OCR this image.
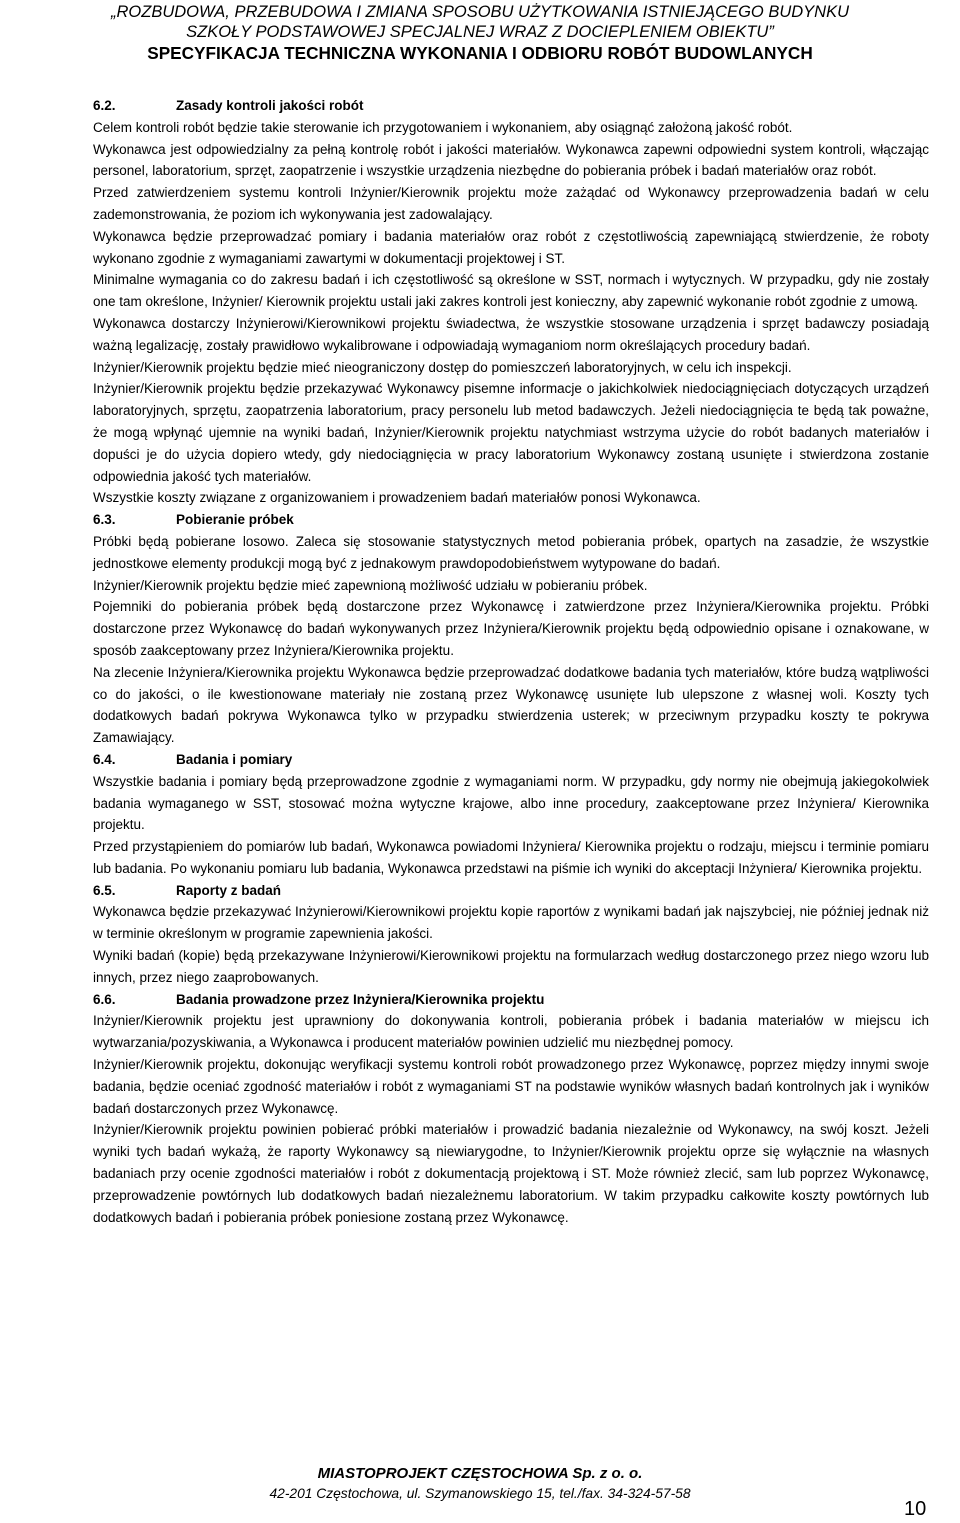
„ROZBUDOWA, PRZEBUDOWA I ZMIANA SPOSOBU UŻYTKOWANIA ISTNIEJĄCEGO BUDYNKU
SZKOŁY PODSTAWOWEJ SPECJALNEJ WRAZ Z DOCIEPLENIEM OBIEKTU”
SPECYFIKACJA TECHNICZNA WYKONANIA I ODBIORU ROBÓT BUDOWLANYCH
6.2.	Zasady kontroli jakości robót

Celem kontroli robót będzie takie sterowanie ich przygotowaniem i wykonaniem, aby osiągnąć założoną jakość robót.

Wykonawca jest odpowiedzialny za pełną kontrolę robót i jakości materiałów. Wykonawca zapewni odpowiedni system kontroli, włączając personel, laboratorium, sprzęt, zaopatrzenie i wszystkie urządzenia niezbędne do pobierania próbek i badań materiałów oraz robót.

Przed zatwierdzeniem systemu kontroli Inżynier/Kierownik projektu może zażądać od Wykonawcy przeprowadzenia badań w celu zademonstrowania, że poziom ich wykonywania jest zadowalający.

Wykonawca będzie przeprowadzać pomiary i badania materiałów oraz robót z częstotliwością zapewniającą stwierdzenie, że roboty wykonano zgodnie z wymaganiami zawartymi w dokumentacji projektowej i ST.

Minimalne wymagania co do zakresu badań i ich częstotliwość są określone w SST, normach i wytycznych. W przypadku, gdy nie zostały one tam określone, Inżynier/ Kierownik projektu ustali jaki zakres kontroli jest konieczny, aby zapewnić wykonanie robót zgodnie z umową.

Wykonawca dostarczy Inżynierowi/Kierownikowi projektu świadectwa, że wszystkie stosowane urządzenia i sprzęt badawczy posiadają ważną legalizację, zostały prawidłowo wykalibrowane i odpowiadają wymaganiom norm określających procedury badań.

Inżynier/Kierownik projektu będzie mieć nieograniczony dostęp do pomieszczeń laboratoryjnych, w celu ich inspekcji.

Inżynier/Kierownik projektu będzie przekazywać Wykonawcy pisemne informacje o jakichkolwiek niedociągnięciach dotyczących urządzeń laboratoryjnych, sprzętu, zaopatrzenia laboratorium, pracy personelu lub metod badawczych. Jeżeli niedociągnięcia te będą tak poważne, że mogą wpłynąć ujemnie na wyniki badań, Inżynier/Kierownik projektu natychmiast wstrzyma użycie do robót badanych materiałów i dopuści je do użycia dopiero wtedy, gdy niedociągnięcia w pracy laboratorium Wykonawcy zostaną usunięte i stwierdzona zostanie odpowiednia jakość tych materiałów.

Wszystkie koszty związane z organizowaniem i prowadzeniem badań materiałów ponosi Wykonawca.

6.3.	Pobieranie próbek

Próbki będą pobierane losowo. Zaleca się stosowanie statystycznych metod pobierania próbek, opartych na zasadzie, że wszystkie jednostkowe elementy produkcji mogą być z jednakowym prawdopodobieństwem wytypowane do badań.

Inżynier/Kierownik projektu będzie mieć zapewnioną możliwość udziału w pobieraniu próbek.

Pojemniki do pobierania próbek będą dostarczone przez Wykonawcę i zatwierdzone przez Inżyniera/Kierownika projektu. Próbki dostarczone przez Wykonawcę do badań wykonywanych przez Inżyniera/Kierownik projektu będą odpowiednio opisane i oznakowane, w sposób zaakceptowany przez Inżyniera/Kierownika projektu.

Na zlecenie Inżyniera/Kierownika projektu Wykonawca będzie przeprowadzać dodatkowe badania tych materiałów, które budzą wątpliwości co do jakości, o ile kwestionowane materiały nie zostaną przez Wykonawcę usunięte lub ulepszone z własnej woli. Koszty tych dodatkowych badań pokrywa Wykonawca tylko w przypadku stwierdzenia usterek; w przeciwnym przypadku koszty te pokrywa Zamawiający.

6.4.	Badania i pomiary

Wszystkie badania i pomiary będą przeprowadzone zgodnie z wymaganiami norm. W przypadku, gdy normy nie obejmują jakiegokolwiek badania wymaganego w SST, stosować można wytyczne krajowe, albo inne procedury, zaakceptowane przez Inżyniera/ Kierownika projektu.

Przed przystąpieniem do pomiarów lub badań, Wykonawca powiadomi Inżyniera/ Kierownika projektu o rodzaju, miejscu i terminie pomiaru lub badania. Po wykonaniu pomiaru lub badania, Wykonawca przedstawi na piśmie ich wyniki do akceptacji Inżyniera/ Kierownika projektu.

6.5.	Raporty z badań

Wykonawca będzie przekazywać Inżynierowi/Kierownikowi projektu kopie raportów z wynikami badań jak najszybciej, nie później jednak niż w terminie określonym w programie zapewnienia jakości.

Wyniki badań (kopie) będą przekazywane Inżynierowi/Kierownikowi projektu na formularzach według dostarczonego przez niego wzoru lub innych, przez niego zaaprobowanych.

6.6.	Badania prowadzone przez Inżyniera/Kierownika projektu

Inżynier/Kierownik projektu jest uprawniony do dokonywania kontroli, pobierania próbek i badania materiałów w miejscu ich wytwarzania/pozyskiwania, a Wykonawca i producent materiałów powinien udzielić mu niezbędnej pomocy.

Inżynier/Kierownik projektu, dokonując weryfikacji systemu kontroli robót prowadzonego przez Wykonawcę, poprzez między innymi swoje badania, będzie oceniać zgodność materiałów i robót z wymaganiami ST na podstawie wyników własnych badań kontrolnych jak i wyników badań dostarczonych przez Wykonawcę.

Inżynier/Kierownik projektu powinien pobierać próbki materiałów i prowadzić badania niezależnie od Wykonawcy, na swój koszt. Jeżeli wyniki tych badań wykażą, że raporty Wykonawcy są niewiarygodne, to Inżynier/Kierownik projektu oprze się wyłącznie na własnych badaniach przy ocenie zgodności materiałów i robót z dokumentacją projektową i ST. Może również zlecić, sam lub poprzez Wykonawcę, przeprowadzenie powtórnych lub dodatkowych badań niezależnemu laboratorium. W takim przypadku całkowite koszty powtórnych lub dodatkowych badań i pobierania próbek poniesione zostaną przez Wykonawcę.

MIASTOPROJEKT CZĘSTOCHOWA Sp. z o. o.
42-201 Częstochowa, ul. Szymanowskiego 15, tel./fax. 34-324-57-58
10
